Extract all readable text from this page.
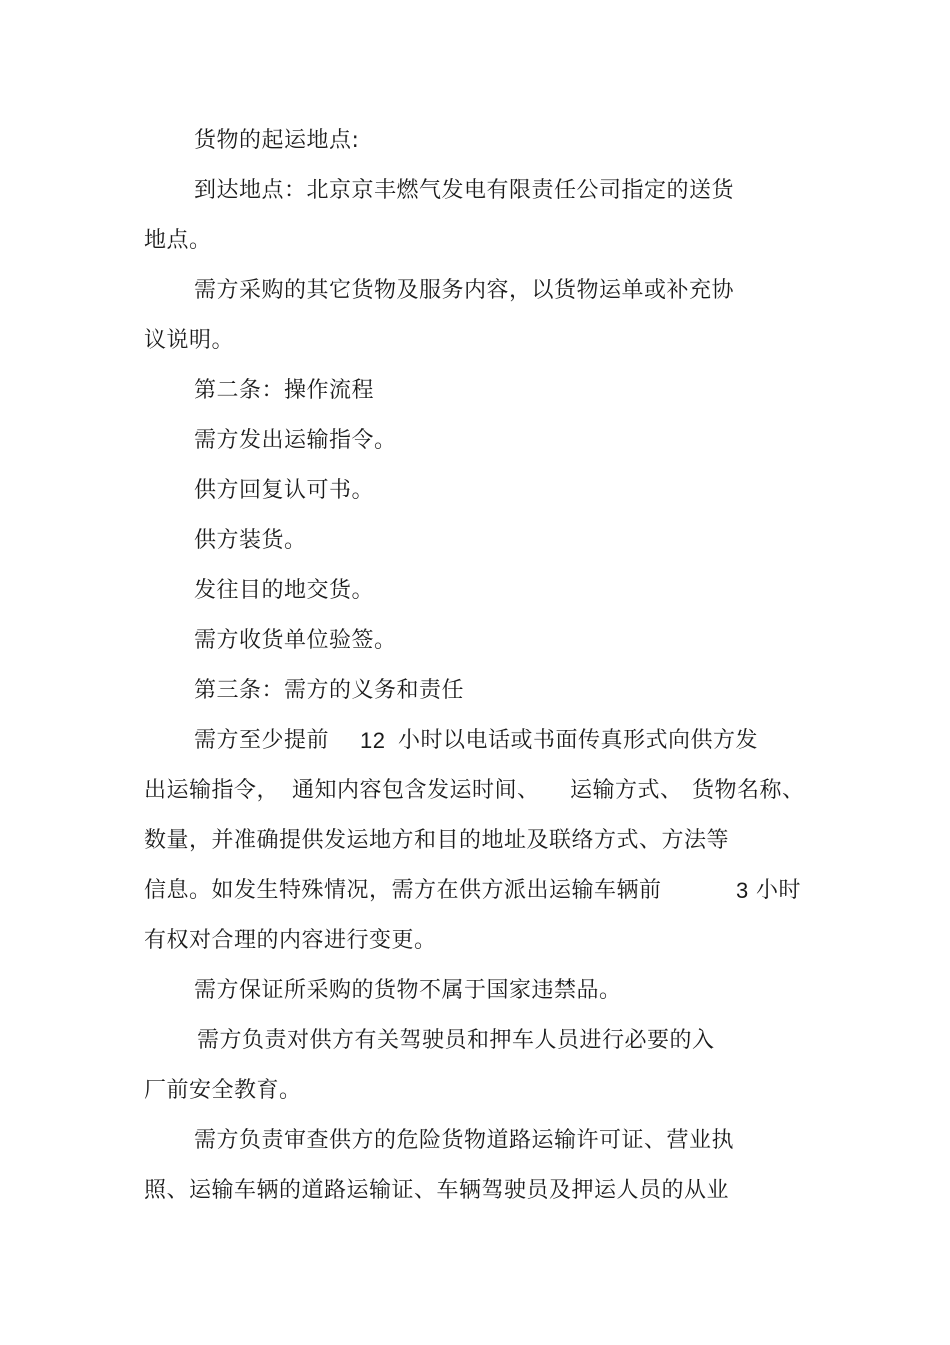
货物的起运地点:
到达地点：北京京丰燃气发电有限责任公司指定的送货
地点。
需方采购的其它货物及服务内容，以货物运单或补充协
议说明。
第二条：操作流程
需方发出运输指令。
供方回复认可书。
供方装货。
发往目的地交货。
需方收货单位验签。
第三条：需方的义务和责任
需方至少提前 12 小时以电话或书面传真形式向供方发
出运输指令， 通知内容包含发运时间、 运输方式、 货物名称、
数量，并准确提供发运地方和目的地址及联络方式、方法等
信息。如发生特殊情况，需方在供方派出运输车辆前	3 小时
有权对合理的内容进行变更。
需方保证所采购的货物不属于国家违禁品。
需方负责对供方有关驾驶员和押车人员进行必要的入
厂前安全教育。
需方负责审查供方的危险货物道路运输许可证、营业执
照、运输车辆的道路运输证、车辆驾驶员及押运人员的从业
